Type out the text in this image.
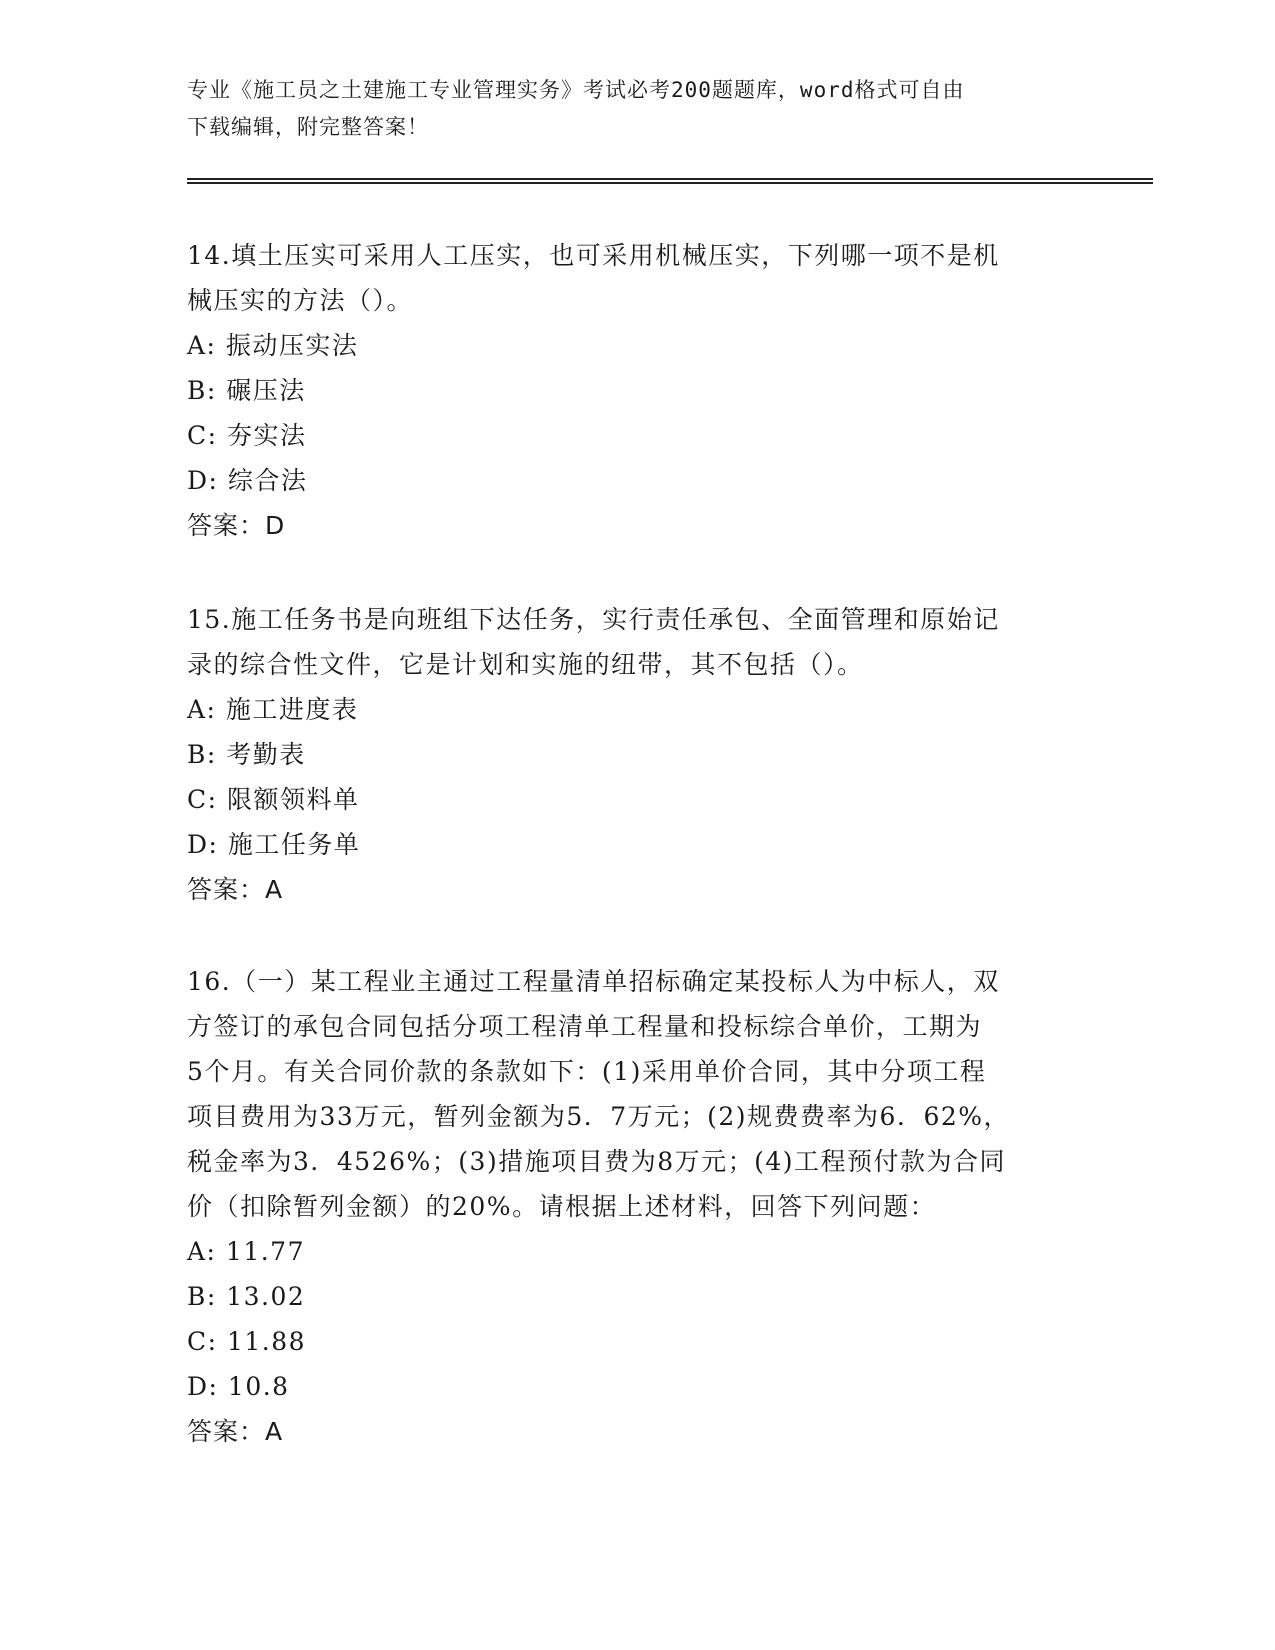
专业《施工员之土建施工专业管理实务》考试必考200题题库，word格式可自由
下载编辑，附完整答案！
14.填土压实可采用人工压实，也可采用机械压实，下列哪一项不是机
械压实的方法（）。
A: 振动压实法
B: 碾压法
C: 夯实法
D: 综合法
答案：D
15.施工任务书是向班组下达任务，实行责任承包、全面管理和原始记
录的综合性文件，它是计划和实施的纽带，其不包括（）。
A: 施工进度表
B: 考勤表
C: 限额领料单
D: 施工任务单
答案：A
16.（一）某工程业主通过工程量清单招标确定某投标人为中标人，双
方签订的承包合同包括分项工程清单工程量和投标综合单价，工期为
5个月。有关合同价款的条款如下：(1)采用单价合同，其中分项工程
项目费用为33万元，暂列金额为5．7万元；(2)规费费率为6．62%，
税金率为3．4526%；(3)措施项目费为8万元；(4)工程预付款为合同
价（扣除暂列金额）的20%。请根据上述材料，回答下列问题：
A: 11.77
B: 13.02
C: 11.88
D: 10.8
答案：A
